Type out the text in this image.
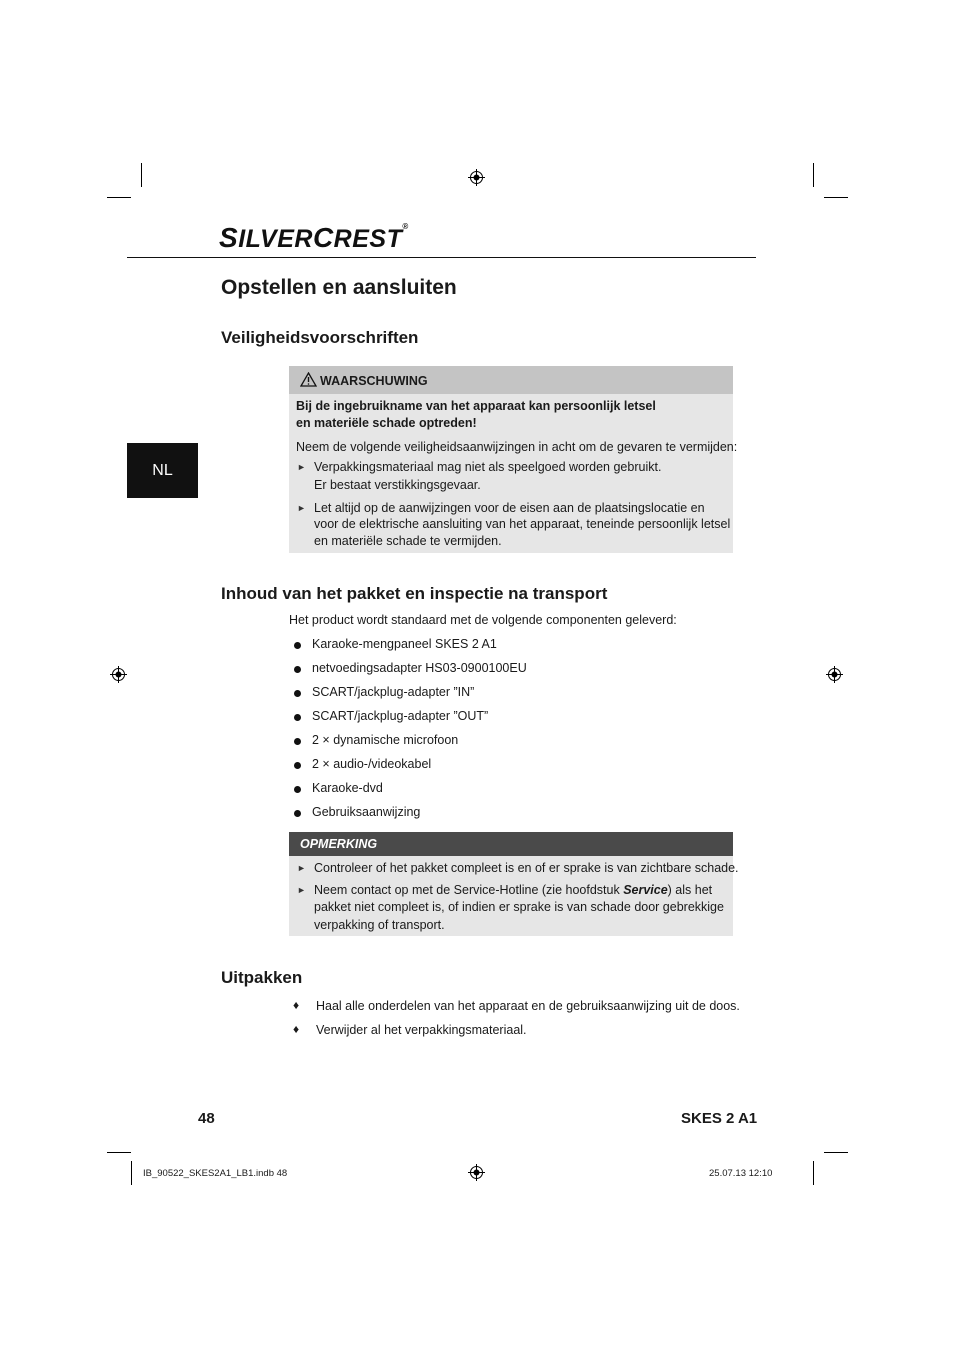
SILVERCREST®
Opstellen en aansluiten
NL
Veiligheidsvoorschriften
WAARSCHUWING
Bij de ingebruikname van het apparaat kan persoonlijk letsel
en materiële schade optreden!
Neem de volgende veiligheidsaanwijzingen in acht om de gevaren te vermijden:
► Verpakkingsmateriaal mag niet als speelgoed worden gebruikt.
Er bestaat verstikkingsgevaar.
► Let altijd op de aanwijzingen voor de eisen aan de plaatsingslocatie en
voor de elektrische aansluiting van het apparaat, teneinde persoonlijk letsel
en materiële schade te vermijden.
Inhoud van het pakket en inspectie na transport
Het product wordt standaard met de volgende componenten geleverd:
Karaoke-mengpaneel SKES 2 A1
netvoedingsadapter HS03-0900100EU
SCART/jackplug-adapter ”IN”
SCART/jackplug-adapter ”OUT”
2 × dynamische microfoon
2 × audio-/videokabel
Karaoke-dvd
Gebruiksaanwijzing
OPMERKING
► Controleer of het pakket compleet is en of er sprake is van zichtbare schade.
► Neem contact op met de Service-Hotline (zie hoofdstuk Service) als het
pakket niet compleet is, of indien er sprake is van schade door gebrekkige
verpakking of transport.
Uitpakken
♦ Haal alle onderdelen van het apparaat en de gebruiksaanwijzing uit de doos.
♦ Verwijder al het verpakkingsmateriaal.
48	SKES 2 A1
IB_90522_SKES2A1_LB1.indb 48	25.07.13 12:10
